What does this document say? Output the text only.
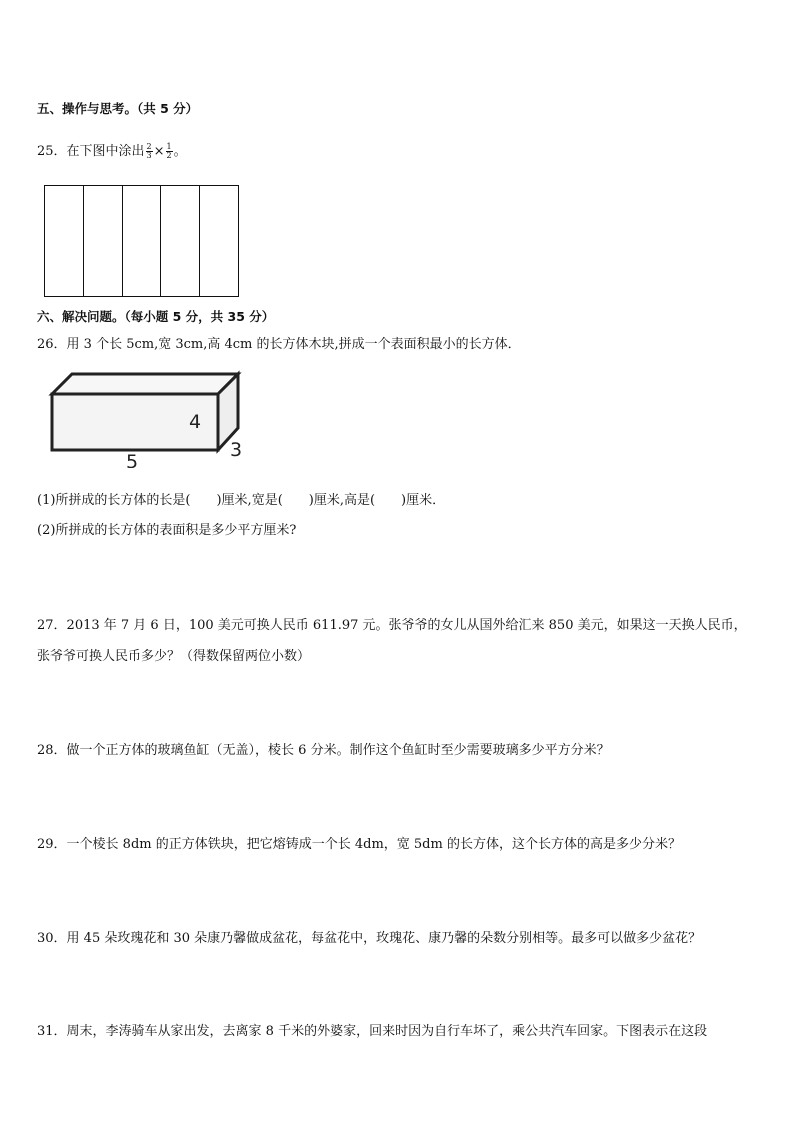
五、操作与思考。（共 5 分）
25．在下图中涂出 $\frac{2}{3} \times \frac{1}{2}$ 。
六、解决问题。（每小题 5 分，共 35 分）
26．用 3 个长 5cm,宽 3cm,高 4cm 的长方体木块,拼成一个表面积最小的长方体．
4
3
5
(1)所拼成的长方体的长是(　　)厘米,宽是(　　)厘米,高是(　　)厘米．
(2)所拼成的长方体的表面积是多少平方厘米?
27．2013 年 7 月 6 日，100 美元可换人民币 611.97 元。张爷爷的女儿从国外给汇来 850 美元，如果这一天换人民币，
张爷爷可换人民币多少？（得数保留两位小数）
28．做一个正方体的玻璃鱼缸（无盖），棱长 6 分米。制作这个鱼缸时至少需要玻璃多少平方分米？
29．一个棱长 8dm 的正方体铁块，把它熔铸成一个长 4dm，宽 5dm 的长方体，这个长方体的高是多少分米？
30．用 45 朵玫瑰花和 30 朵康乃馨做成盆花，每盆花中，玫瑰花、康乃馨的朵数分别相等。最多可以做多少盆花？
31．周末，李涛骑车从家出发，去离家 8 千米的外婆家，回来时因为自行车坏了，乘公共汽车回家。下图表示在这段
